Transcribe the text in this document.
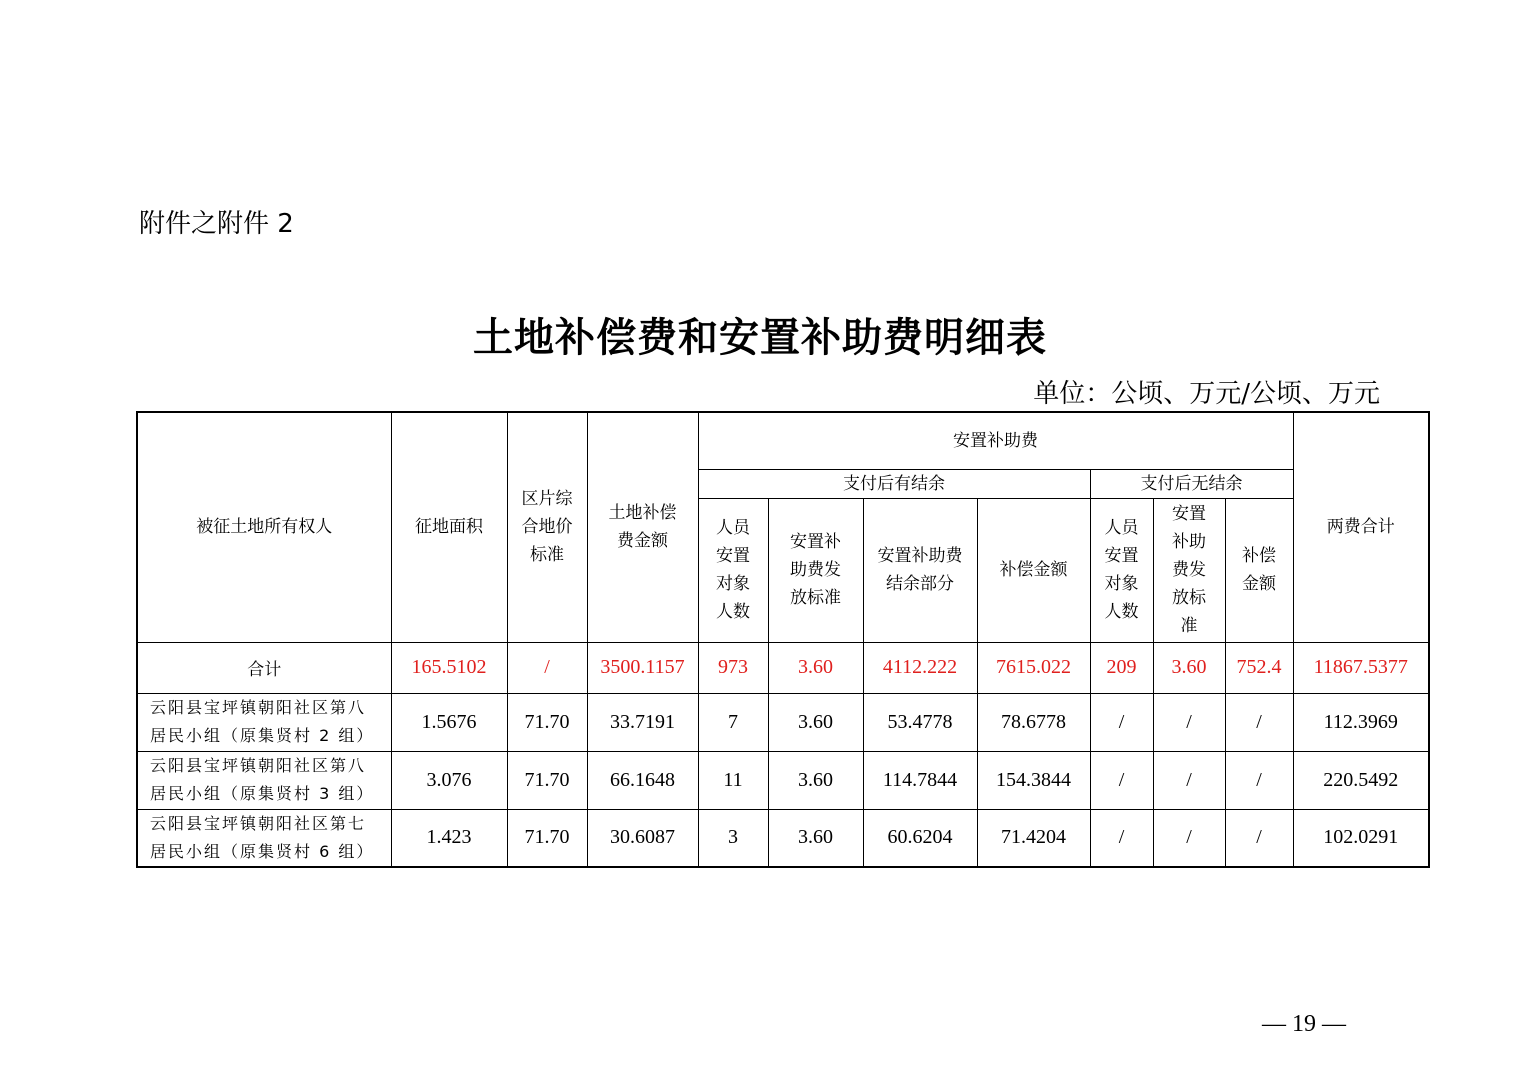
附件之附件 2
土地补偿费和安置补助费明细表
单位：公顷、万元/公顷、万元
被征土地所有权人	征地面积	区片综合地价标准	土地补偿费金额	安置补助费							两费合计
				支付后有结余				支付后无结余			
				人员安置对象人数	安置补助费发放标准	安置补助费结余部分	补偿金额	人员安置对象人数	安置补助费发放标准	补偿金额	
合计	165.5102	/	3500.1157	973	3.60	4112.222	7615.022	209	3.60	752.4	11867.5377

云阳县宝坪镇朝阳社区第八
居民小组（原集贤村 2 组）	1.5676	71.70	33.7191	7	3.60	53.4778	78.6778	/	/	/	112.3969

云阳县宝坪镇朝阳社区第八
居民小组（原集贤村 3 组）	3.076	71.70	66.1648	11	3.60	114.7844	154.3844	/	/	/	220.5492

云阳县宝坪镇朝阳社区第七
居民小组（原集贤村 6 组）	1.423	71.70	30.6087	3	3.60	60.6204	71.4204	/	/	/	102.0291
— 19 —
